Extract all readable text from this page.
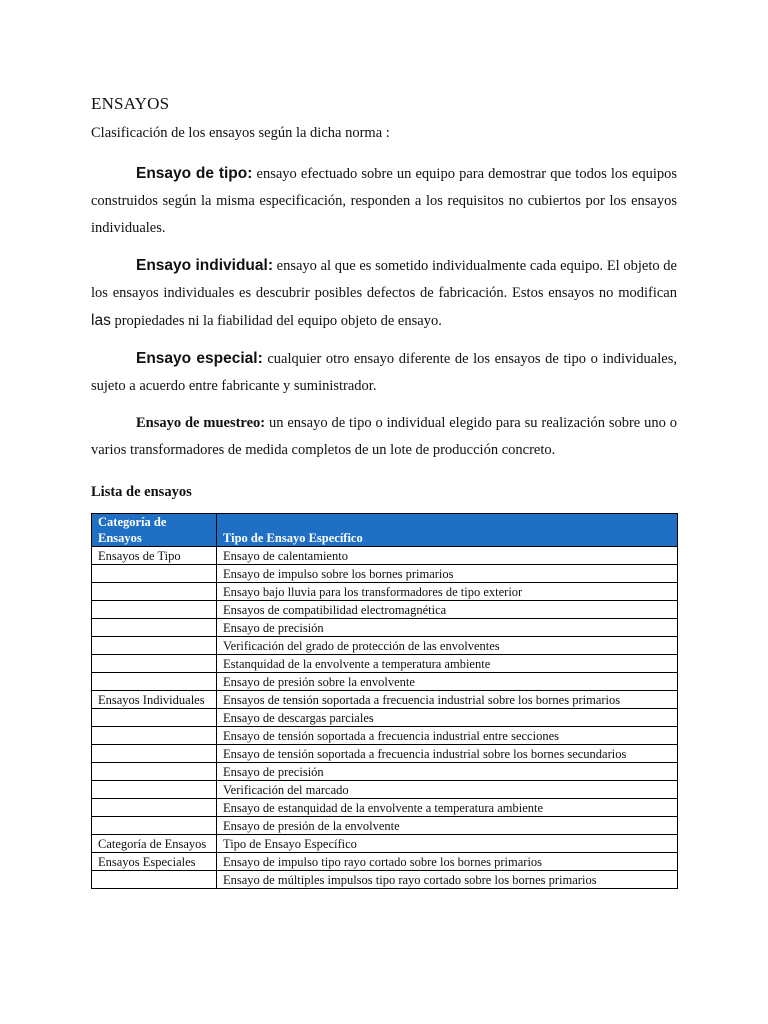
ENSAYOS

Clasificación de los ensayos según la dicha norma :

Ensayo de tipo: ensayo efectuado sobre un equipo para demostrar que todos los equipos construidos según la misma especificación, responden a los requisitos no cubiertos por los ensayos individuales.

Ensayo individual: ensayo al que es sometido individualmente cada equipo. El objeto de los ensayos individuales es descubrir posibles defectos de fabricación. Estos ensayos no modifican las propiedades ni la fiabilidad del equipo objeto de ensayo.

Ensayo especial: cualquier otro ensayo diferente de los ensayos de tipo o individuales, sujeto a acuerdo entre fabricante y suministrador.

Ensayo de muestreo: un ensayo de tipo o individual elegido para su realización sobre uno o varios transformadores de medida completos de un lote de producción concreto.

Lista de ensayos
Categoría de Ensayos	Tipo de Ensayo Específico
Ensayos de Tipo	Ensayo de calentamiento
	Ensayo de impulso sobre los bornes primarios
	Ensayo bajo lluvia para los transformadores de tipo exterior
	Ensayos de compatibilidad electromagnética
	Ensayo de precisión
	Verificación del grado de protección de las envolventes
	Estanquidad de la envolvente a temperatura ambiente
	Ensayo de presión sobre la envolvente
Ensayos Individuales	Ensayos de tensión soportada a frecuencia industrial sobre los bornes primarios
	Ensayo de descargas parciales
	Ensayo de tensión soportada a frecuencia industrial entre secciones
	Ensayo de tensión soportada a frecuencia industrial sobre los bornes secundarios
	Ensayo de precisión
	Verificación del marcado
	Ensayo de estanquidad de la envolvente a temperatura ambiente
	Ensayo de presión de la envolvente
Categoría de Ensayos	Tipo de Ensayo Específico
Ensayos Especiales	Ensayo de impulso tipo rayo cortado sobre los bornes primarios
	Ensayo de múltiples impulsos tipo rayo cortado sobre los bornes primarios
